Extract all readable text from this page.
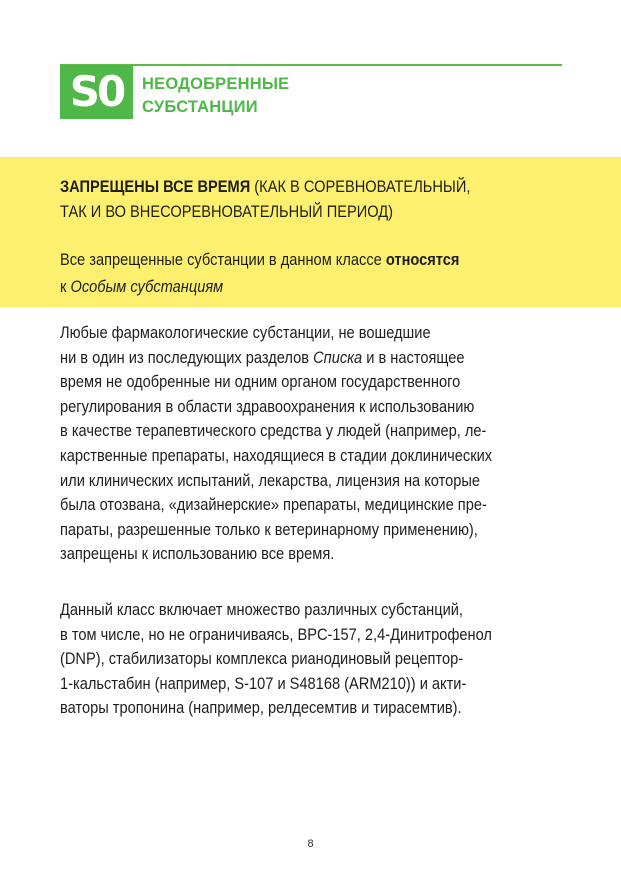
S0	НЕОДОБРЕННЫЕ
СУБСТАНЦИИ
ЗАПРЕЩЕНЫ ВСЕ ВРЕМЯ (КАК В СОРЕВНОВАТЕЛЬНЫЙ,
ТАК И ВО ВНЕСОРЕВНОВАТЕЛЬНЫЙ ПЕРИОД)
Все запрещенные субстанции в данном классе относятся
к Особым субстанциям
Любые фармакологические субстанции, не вошедшие
ни в один из последующих разделов Списка и в настоящее
время не одобренные ни одним органом государственного
регулирования в области здравоохранения к использованию
в качестве терапевтического средства у людей (например, ле-
карственные препараты, находящиеся в стадии доклинических
или клинических испытаний, лекарства, лицензия на которые
была отозвана, «дизайнерские» препараты, медицинские пре-
параты, разрешенные только к ветеринарному применению),
запрещены к использованию все время.
Данный класс включает множество различных субстанций,
в том числе, но не ограничиваясь, BPC-157, 2,4-Динитрофенол
(DNP), стабилизаторы комплекса рианодиновый рецептор-
1-кальстабин (например, S-107 и S48168 (ARM210)) и акти-
ваторы тропонина (например, релдесемтив и тирасемтив).
8
